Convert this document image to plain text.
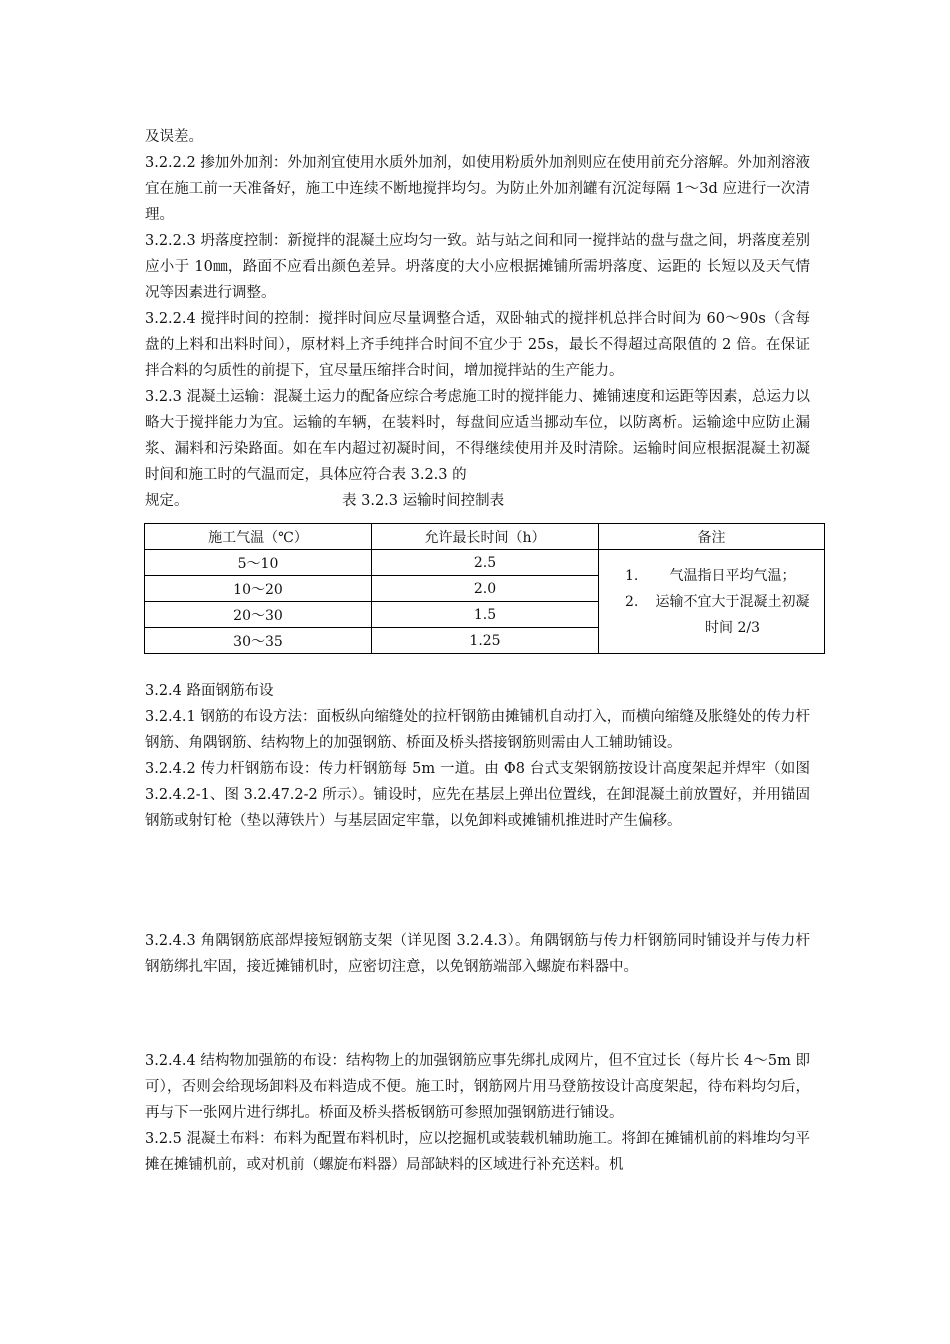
及误差。

3.2.2.2 掺加外加剂：外加剂宜使用水质外加剂，如使用粉质外加剂则应在使用前充分溶解。外加剂溶液宜在施工前一天准备好，施工中连续不断地搅拌均匀。为防止外加剂罐有沉淀每隔 1～3d 应进行一次清理。

3.2.2.3 坍落度控制：新搅拌的混凝土应均匀一致。站与站之间和同一搅拌站的盘与盘之间，坍落度差别应小于 10㎜，路面不应看出颜色差异。坍落度的大小应根据摊铺所需坍落度、运距的 长短以及天气情况等因素进行调整。

3.2.2.4 搅拌时间的控制：搅拌时间应尽量调整合适，双卧轴式的搅拌机总拌合时间为 60～90s（含每盘的上料和出料时间），原材料上齐手纯拌合时间不宜少于 25s，最长不得超过高限值的 2 倍。在保证拌合料的匀质性的前提下，宜尽量压缩拌合时间，增加搅拌站的生产能力。

3.2.3 混凝土运输：混凝土运力的配备应综合考虑施工时的搅拌能力、摊铺速度和运距等因素，总运力以略大于搅拌能力为宜。运输的车辆，在装料时，每盘间应适当挪动车位，以防离析。运输途中应防止漏浆、漏料和污染路面。如在车内超过初凝时间，不得继续使用并及时清除。运输时间应根据混凝土初凝时间和施工时的气温而定，具体应符合表 3.2.3 的

规定。	表 3.2.3 运输时间控制表
施工气温（℃）	允许最长时间（h）	备注
5～10	2.5	1. 气温指日平均气温；
2. 运输不宜大于混凝土初凝时间 2/3

10～20	2.0	
20～30	1.5	
30～35	1.25	

3.2.4 路面钢筋布设

3.2.4.1 钢筋的布设方法：面板纵向缩缝处的拉杆钢筋由摊铺机自动打入，而横向缩缝及胀缝处的传力杆钢筋、角隅钢筋、结构物上的加强钢筋、桥面及桥头搭接钢筋则需由人工辅助铺设。

3.2.4.2 传力杆钢筋布设：传力杆钢筋每 5m 一道。由 Φ8 台式支架钢筋按设计高度架起并焊牢（如图 3.2.4.2-1、图 3.2.47.2-2 所示）。铺设时，应先在基层上弹出位置线，在卸混凝土前放置好，并用锚固钢筋或射钉枪（垫以薄铁片）与基层固定牢靠，以免卸料或摊铺机推进时产生偏移。

3.2.4.3 角隅钢筋底部焊接短钢筋支架（详见图 3.2.4.3）。角隅钢筋与传力杆钢筋同时铺设并与传力杆钢筋绑扎牢固，接近摊铺机时，应密切注意，以免钢筋端部入螺旋布料器中。

3.2.4.4 结构物加强筋的布设：结构物上的加强钢筋应事先绑扎成网片，但不宜过长（每片长 4～5m 即可），否则会给现场卸料及布料造成不便。施工时，钢筋网片用马登筋按设计高度架起，待布料均匀后，再与下一张网片进行绑扎。桥面及桥头搭板钢筋可参照加强钢筋进行铺设。

3.2.5 混凝土布料：布料为配置布料机时，应以挖掘机或装载机辅助施工。将卸在摊铺机前的料堆均匀平摊在摊铺机前，或对机前（螺旋布料器）局部缺料的区域进行补充送料。机
